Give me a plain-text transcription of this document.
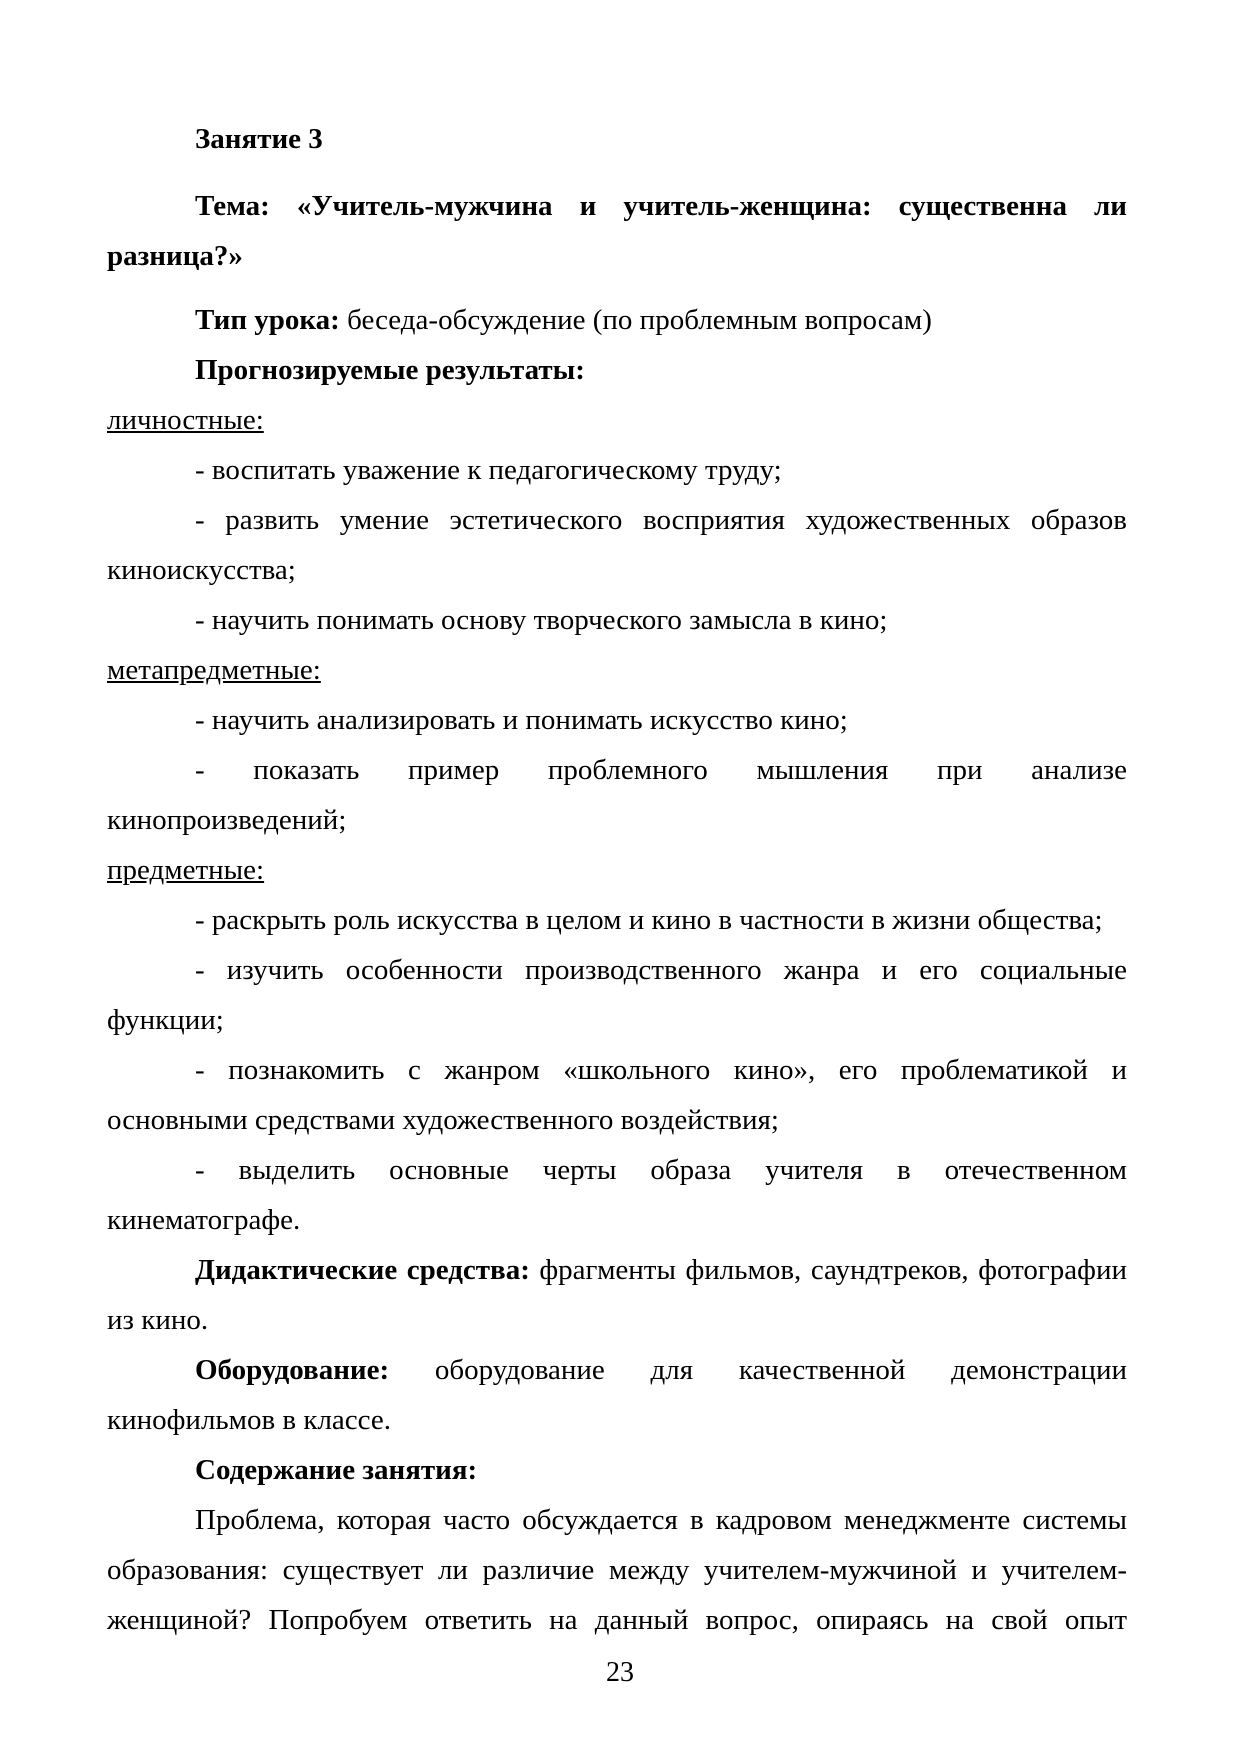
Занятие 3
Тема: «Учитель-мужчина и учитель-женщина: существенна ли
разница?»
Тип урока: беседа-обсуждение (по проблемным вопросам)
Прогнозируемые результаты:
личностные:
- воспитать уважение к педагогическому труду;
- развить умение эстетического восприятия художественных образов
киноискусства;
- научить понимать основу творческого замысла в кино;
метапредметные:
- научить анализировать и понимать искусство кино;
- показать пример проблемного мышления при анализе
кинопроизведений;
предметные:
- раскрыть роль искусства в целом и кино в частности в жизни общества;
- изучить особенности производственного жанра и его социальные
функции;
- познакомить с жанром «школьного кино», его проблематикой и
основными средствами художественного воздействия;
- выделить основные черты образа учителя в отечественном
кинематографе.
Дидактические средства: фрагменты фильмов, саундтреков, фотографии
из кино.
Оборудование: оборудование для качественной демонстрации
кинофильмов в классе.
Содержание занятия:
Проблема, которая часто обсуждается в кадровом менеджменте системы
образования: существует ли различие между учителем-мужчиной и учителем-
женщиной? Попробуем ответить на данный вопрос, опираясь на свой опыт
23
